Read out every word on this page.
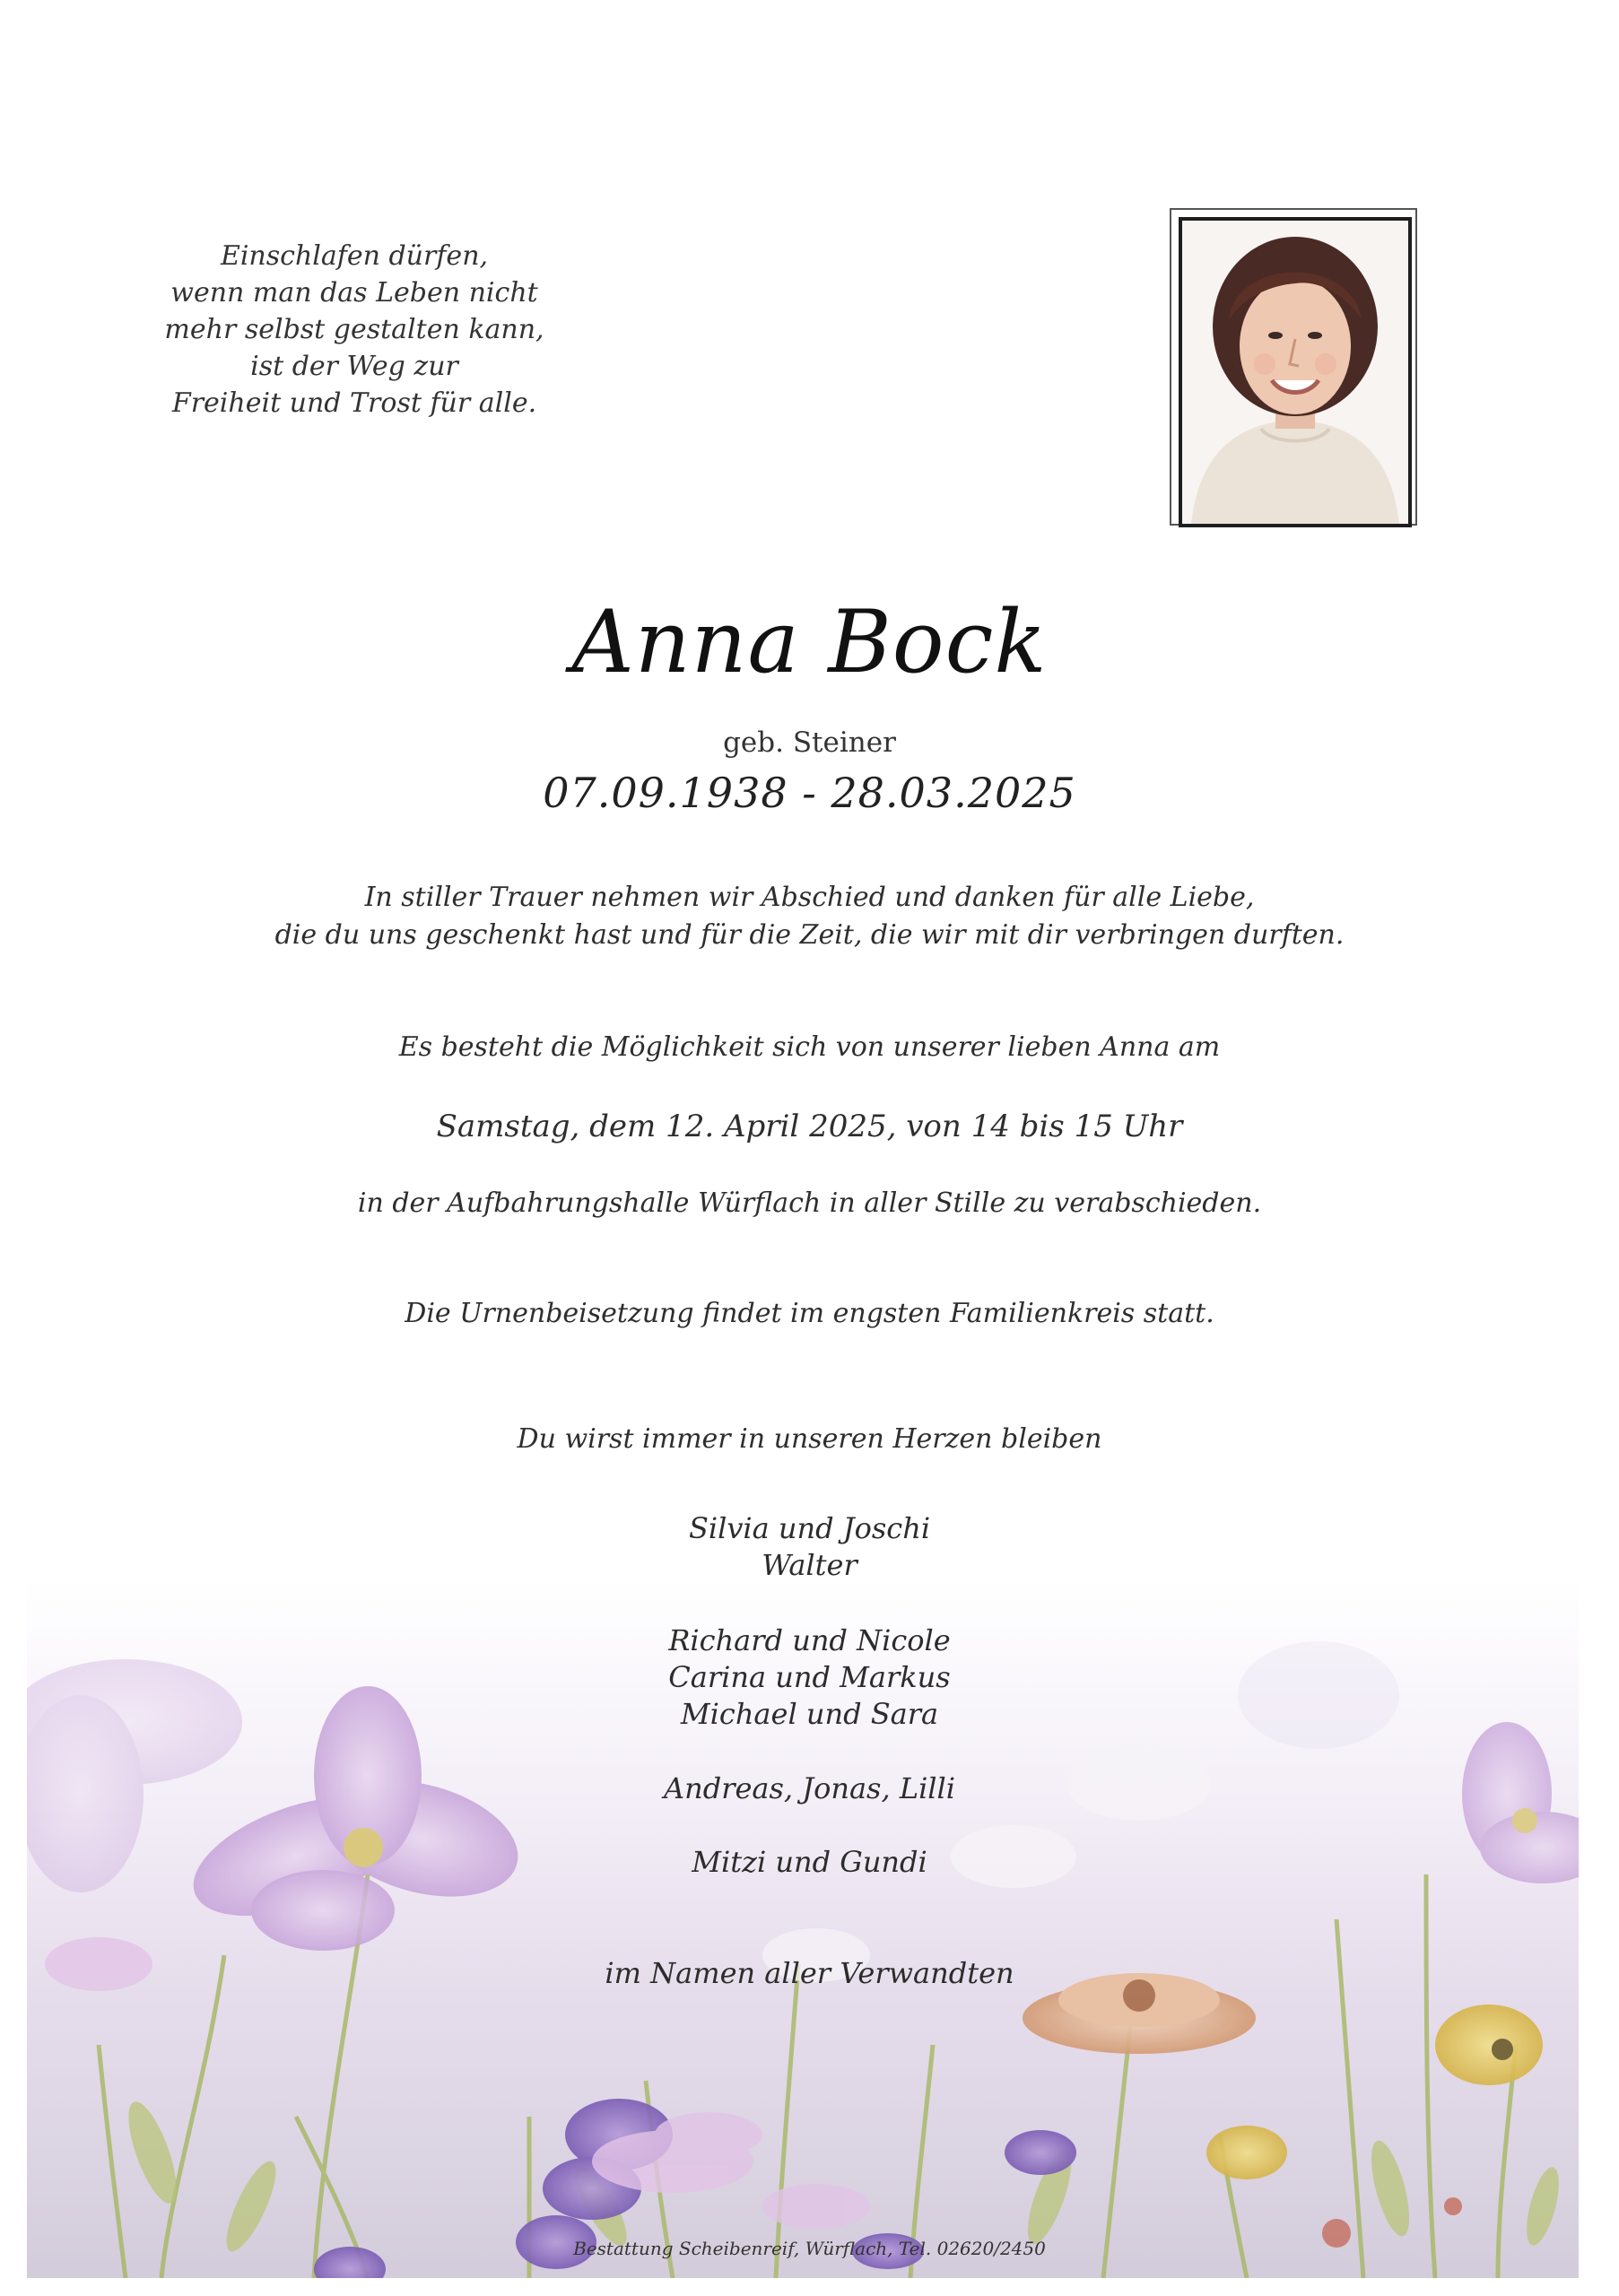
Einschlafen dürfen,
wenn man das Leben nicht
mehr selbst gestalten kann,
ist der Weg zur
Freiheit und Trost für alle.
Anna Bock
geb. Steiner
07.09.1938 - 28.03.2025
In stiller Trauer nehmen wir Abschied und danken für alle Liebe,
die du uns geschenkt hast und für die Zeit, die wir mit dir verbringen durften.
Es besteht die Möglichkeit sich von unserer lieben Anna am
Samstag, dem 12. April 2025, von 14 bis 15 Uhr
in der Aufbahrungshalle Würflach in aller Stille zu verabschieden.
Die Urnenbeisetzung findet im engsten Familienkreis statt.
Du wirst immer in unseren Herzen bleiben
Silvia und Joschi
Walter
Richard und Nicole
Carina und Markus
Michael und Sara
Andreas, Jonas, Lilli
Mitzi und Gundi
im Namen aller Verwandten
Bestattung Scheibenreif, Würflach, Tel. 02620/2450
